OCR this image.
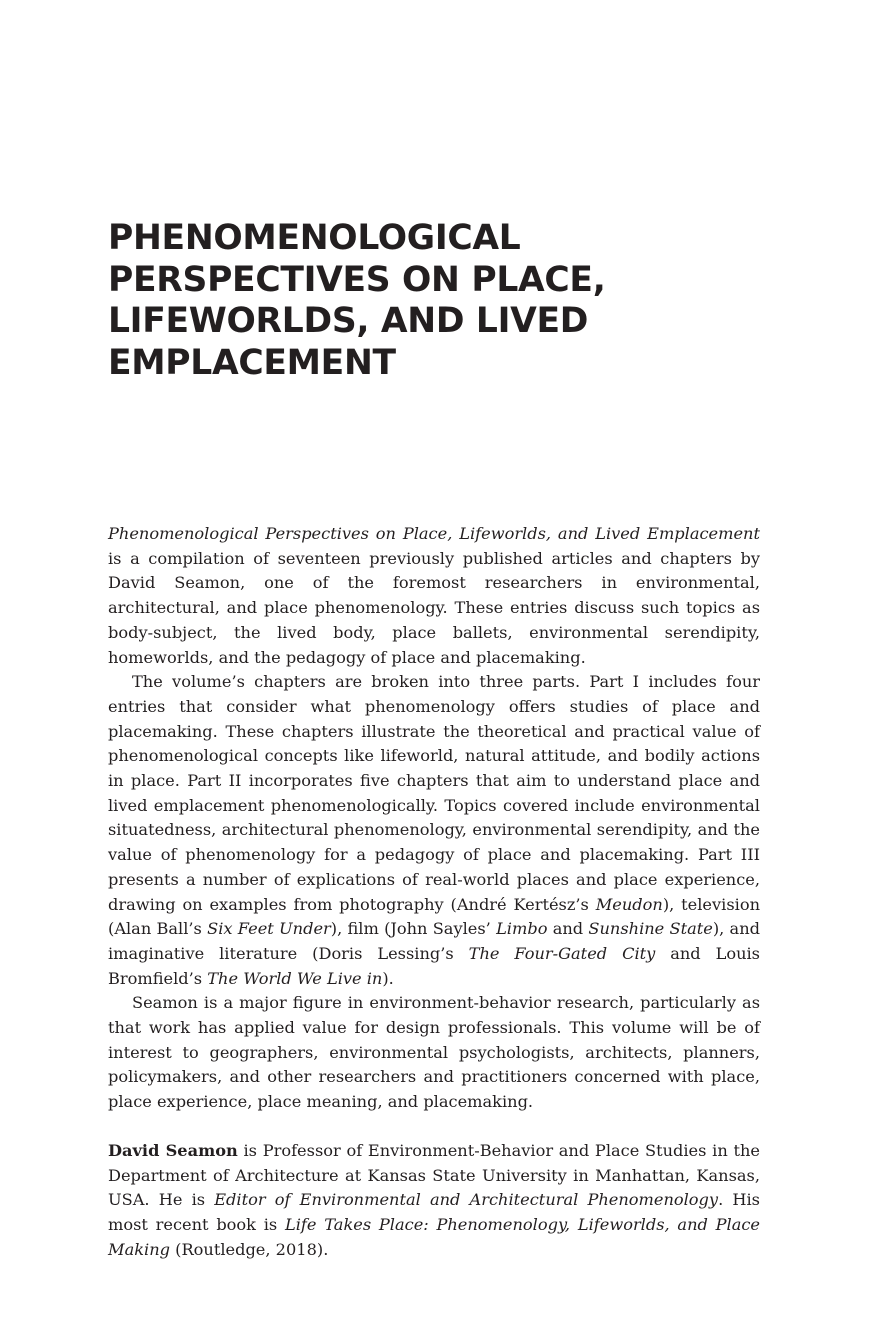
PHENOMENOLOGICAL PERSPECTIVES ON PLACE, LIFEWORLDS, AND LIVED EMPLACEMENT

Phenomenological Perspectives on Place, Lifeworlds, and Lived Emplacement is a compilation of seventeen previously published articles and chapters by David Seamon, one of the foremost researchers in environmental, architectural, and place phenomenology. These entries discuss such topics as body-subject, the lived body, place ballets, environmental serendipity, homeworlds, and the pedagogy of place and placemaking.

The volume’s chapters are broken into three parts. Part I includes four entries that consider what phenomenology offers studies of place and placemaking. These chapters illustrate the theoretical and practical value of phenomenological concepts like lifeworld, natural attitude, and bodily actions in place. Part II incorporates five chapters that aim to understand place and lived emplacement phenomenologically. Topics covered include environmental situatedness, architectural phenomenology, environmental serendipity, and the value of phenomenology for a pedagogy of place and placemaking. Part III presents a number of explications of real-world places and place experience, drawing on examples from photography (André Kertész’s Meudon), television (Alan Ball’s Six Feet Under), film (John Sayles’ Limbo and Sunshine State), and imaginative literature (Doris Lessing’s The Four-Gated City and Louis Bromfield’s The World We Live in).

Seamon is a major figure in environment-behavior research, particularly as that work has applied value for design professionals. This volume will be of interest to geographers, environmental psychologists, architects, planners, policymakers, and other researchers and practitioners concerned with place, place experience, place meaning, and placemaking.

David Seamon is Professor of Environment-Behavior and Place Studies in the Department of Architecture at Kansas State University in Manhattan, Kansas, USA. He is Editor of Environmental and Architectural Phenomenology. His most recent book is Life Takes Place: Phenomenology, Lifeworlds, and Place Making (Routledge, 2018).
